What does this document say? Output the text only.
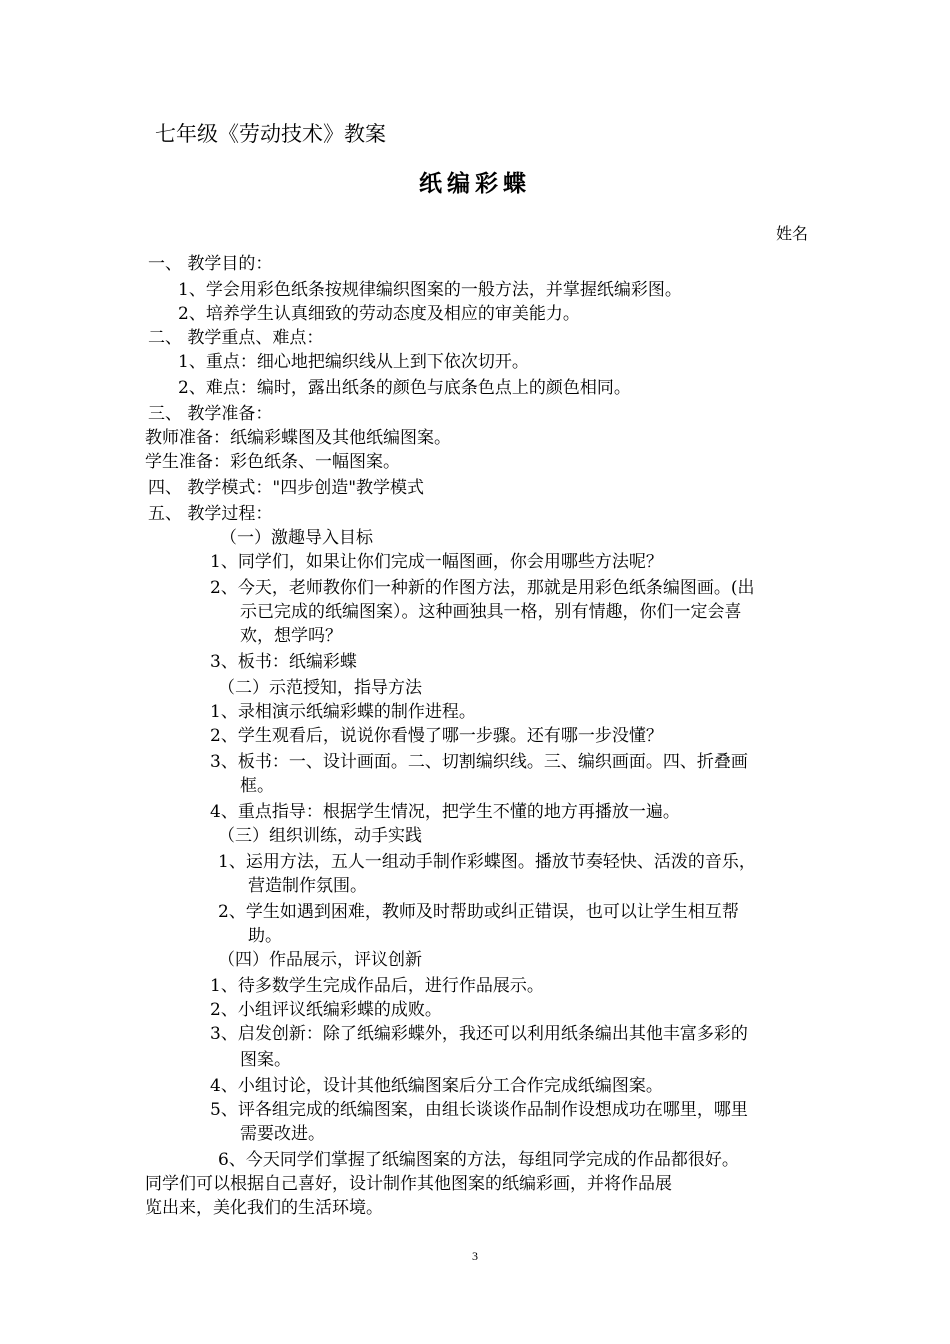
七年级《劳动技术》教案
纸编彩蝶
姓名
一、 教学目的：
1、学会用彩色纸条按规律编织图案的一般方法，并掌握纸编彩图。
2、培养学生认真细致的劳动态度及相应的审美能力。
二、 教学重点、难点：
1、重点：细心地把编织线从上到下依次切开。
2、难点：编时，露出纸条的颜色与底条色点上的颜色相同。
三、 教学准备：
教师准备：纸编彩蝶图及其他纸编图案。
学生准备：彩色纸条、一幅图案。
四、 教学模式："四步创造"教学模式
五、 教学过程：
（一）激趣导入目标
1、同学们，如果让你们完成一幅图画，你会用哪些方法呢？
2、今天，老师教你们一种新的作图方法，那就是用彩色纸条编图画。(出
示已完成的纸编图案）。这种画独具一格，别有情趣，你们一定会喜
欢，想学吗？
3、板书：纸编彩蝶
（二）示范授知，指导方法
1、录相演示纸编彩蝶的制作进程。
2、学生观看后，说说你看慢了哪一步骤。还有哪一步没懂？
3、板书：一、设计画面。二、切割编织线。三、编织画面。四、折叠画
框。
4、重点指导：根据学生情况，把学生不懂的地方再播放一遍。
（三）组织训练，动手实践
1、运用方法，五人一组动手制作彩蝶图。播放节奏轻快、活泼的音乐，
营造制作氛围。
2、学生如遇到困难，教师及时帮助或纠正错误，也可以让学生相互帮
助。
（四）作品展示，评议创新
1、待多数学生完成作品后，进行作品展示。
2、小组评议纸编彩蝶的成败。
3、启发创新：除了纸编彩蝶外，我还可以利用纸条编出其他丰富多彩的
图案。
4、小组讨论，设计其他纸编图案后分工合作完成纸编图案。
5、评各组完成的纸编图案，由组长谈谈作品制作设想成功在哪里，哪里
需要改进。
6、今天同学们掌握了纸编图案的方法，每组同学完成的作品都很好。
同学们可以根据自己喜好，设计制作其他图案的纸编彩画，并将作品展
览出来，美化我们的生活环境。
3
